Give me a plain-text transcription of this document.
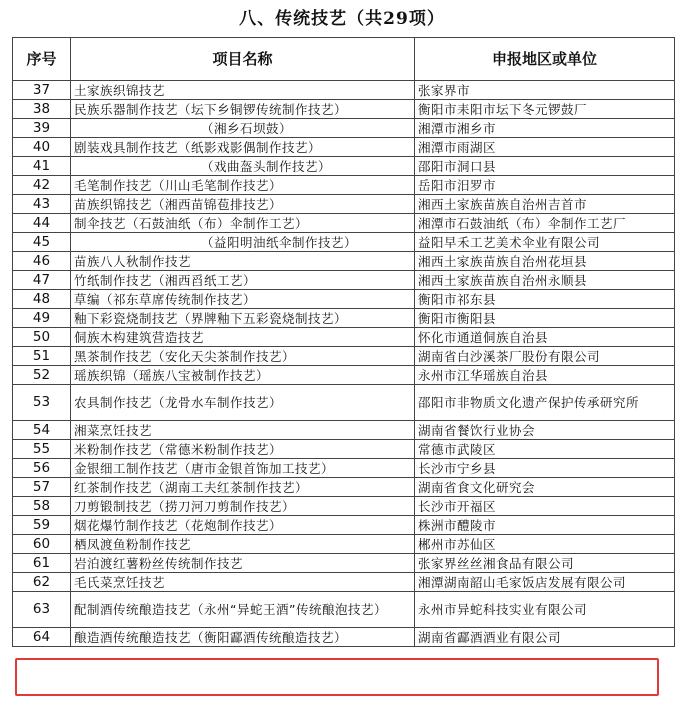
八、传统技艺（共29项）
序号	项目名称	申报地区或单位
37	土家族织锦技艺	张家界市
38	民族乐器制作技艺（坛下乡铜锣传统制作技艺）	衡阳市耒阳市坛下冬元锣鼓厂
39	（湘乡石坝鼓）	湘潭市湘乡市
40	剧装戏具制作技艺（纸影戏影偶制作技艺）	湘潭市雨湖区
41	（戏曲盔头制作技艺）	邵阳市洞口县
42	毛笔制作技艺（川山毛笔制作技艺）	岳阳市汨罗市
43	苗族织锦技艺（湘西苗锦苞排技艺）	湘西土家族苗族自治州吉首市
44	制伞技艺（石鼓油纸（布）伞制作工艺）	湘潭市石鼓油纸（布）伞制作工艺厂
45	（益阳明油纸伞制作技艺）	益阳早禾工艺美术伞业有限公司
46	苗族八人秋制作技艺	湘西土家族苗族自治州花垣县
47	竹纸制作技艺（湘西舀纸工艺）	湘西土家族苗族自治州永顺县
48	草编（祁东草席传统制作技艺）	衡阳市祁东县
49	釉下彩瓷烧制技艺（界牌釉下五彩瓷烧制技艺）	衡阳市衡阳县
50	侗族木构建筑营造技艺	怀化市通道侗族自治县
51	黑茶制作技艺（安化天尖茶制作技艺）	湖南省白沙溪茶厂股份有限公司
52	瑶族织锦（瑶族八宝被制作技艺）	永州市江华瑶族自治县
53	农具制作技艺（龙骨水车制作技艺）	邵阳市非物质文化遗产保护传承研究所
54	湘菜烹饪技艺	湖南省餐饮行业协会
55	米粉制作技艺（常德米粉制作技艺）	常德市武陵区
56	金银细工制作技艺（唐市金银首饰加工技艺）	长沙市宁乡县
57	红茶制作技艺（湖南工夫红茶制作技艺）	湖南省食文化研究会
58	刀剪锻制技艺（捞刀河刀剪制作技艺）	长沙市开福区
59	烟花爆竹制作技艺（花炮制作技艺）	株洲市醴陵市
60	栖凤渡鱼粉制作技艺	郴州市苏仙区
61	岩泊渡红薯粉丝传统制作技艺	张家界丝丝湘食品有限公司
62	毛氏菜烹饪技艺	湘潭湖南韶山毛家饭店发展有限公司
63	配制酒传统酿造技艺（永州“异蛇王酒”传统酿泡技艺）	永州市异蛇科技实业有限公司
64	酿造酒传统酿造技艺（衡阳酃酒传统酿造技艺）	湖南省酃酒酒业有限公司
